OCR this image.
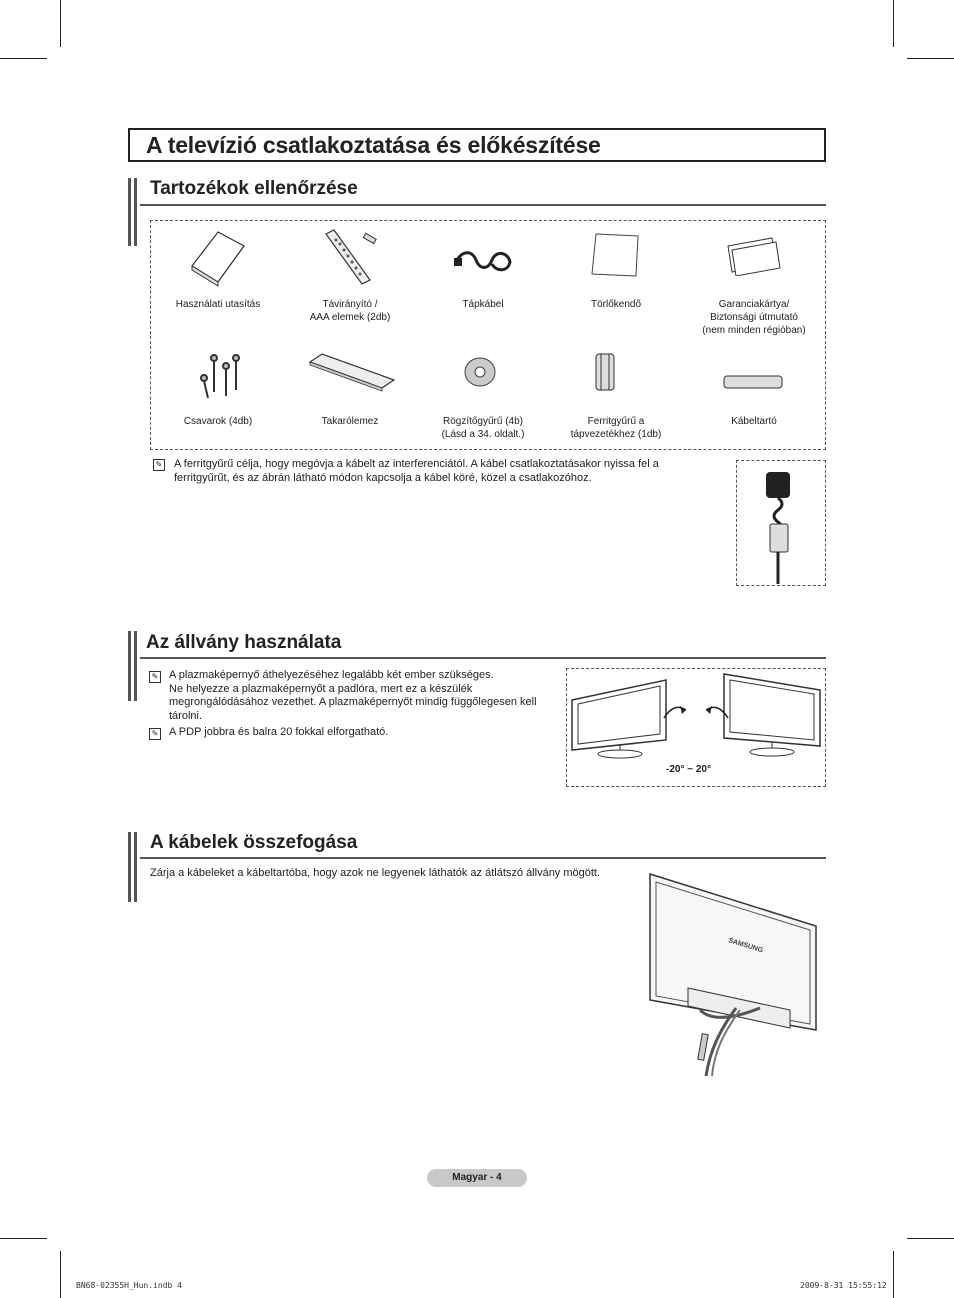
A televízió csatlakoztatása és előkészítése
Tartozékok ellenőrzése
Használati utasítás	Távirányító /
AAA elemek (2db)
Tápkábel	Törlőkendő	Garanciakártya/
Biztonsági útmutató
(nem minden régióban)
Csavarok (4db)	Takarólemez	Rögzítőgyűrű (4b)
(Lásd a 34. oldalt.)
Ferritgyűrű a
tápvezetékhez (1db)
Kábeltartó
✎ A ferritgyűrű célja, hogy megóvja a kábelt az interferenciától. A kábel csatlakoztatásakor nyissa fel a ferritgyűrűt, és az ábrán látható módon kapcsolja a kábel köré, közel a csatlakozóhoz.
Az állvány használata
✎ A plazmaképernyő áthelyezéséhez legalább két ember szükséges.
Ne helyezze a plazmaképernyőt a padlóra, mert ez a készülék megrongálódásához vezethet. A plazmaképernyőt mindig függőlegesen kell tárolni.
✎ A PDP jobbra és balra 20 fokkal elforgatható.
-20° ~ 20°
A kábelek összefogása
Zárja a kábeleket a kábeltartóba, hogy azok ne legyenek láthatók az átlátszó állvány mögött.
SAMSUNG
Magyar - 4
BN68-02355H_Hun.indb 4	2009-8-31 15:55:12
